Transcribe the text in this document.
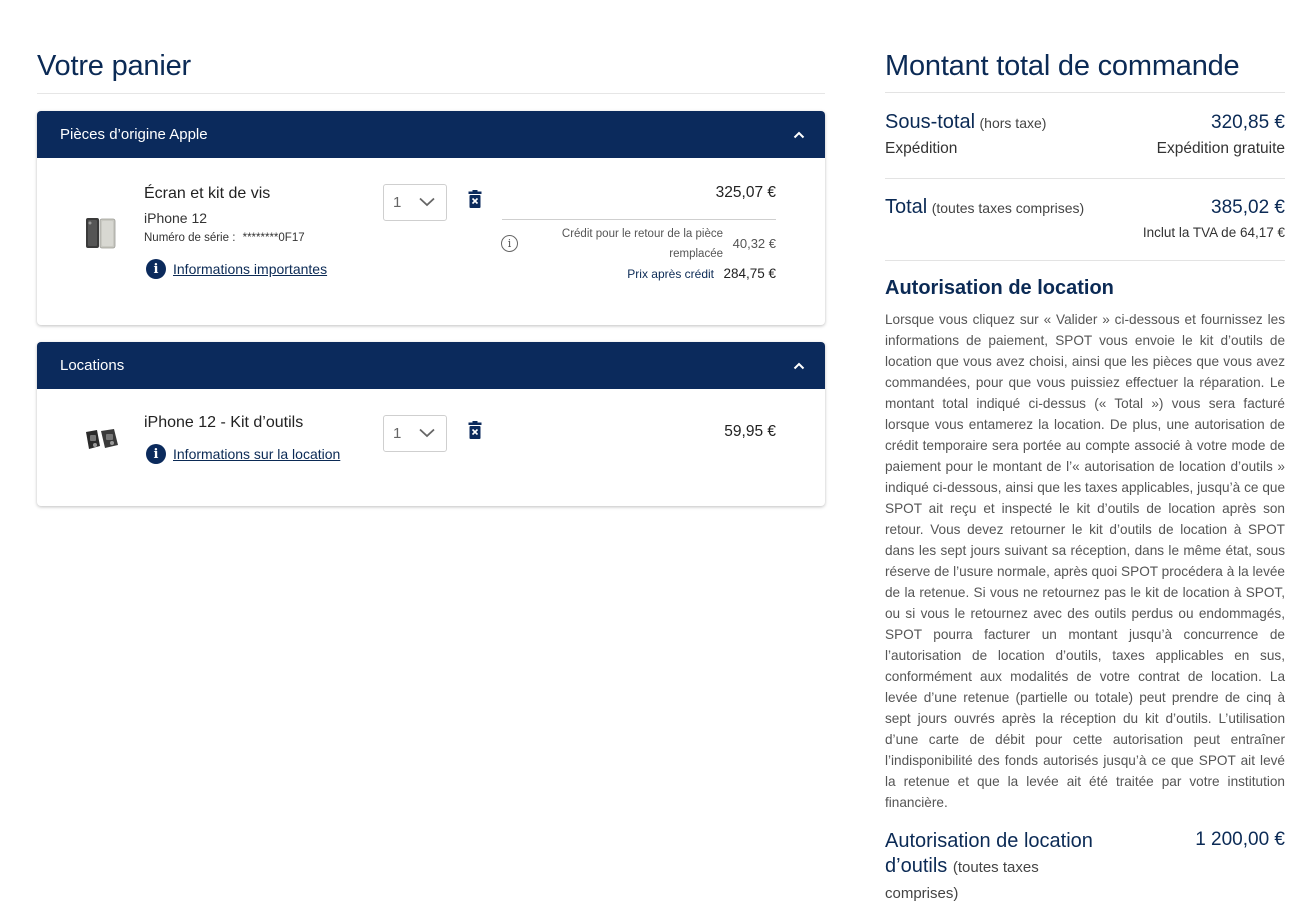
Votre panier
Pièces d’origine Apple
Écran et kit de vis
iPhone 12
Numéro de série : ********0F17
i	Informations importantes
1
325,07 €
i
Crédit pour le retour de la pièce remplacée
40,32 €
Prix après crédit 284,75 €
Locations
iPhone 12 - Kit d’outils
i	Informations sur la location
1	59,95 €
Montant total de commande
Sous-total (hors taxe)	320,85 €
Expédition	Expédition gratuite
Total (toutes taxes comprises)	385,02 €
Inclut la TVA de 64,17 €
Autorisation de location

Lorsque vous cliquez sur « Valider » ci-dessous et fournissez les informations de paiement, SPOT vous envoie le kit d’outils de location que vous avez choisi, ainsi que les pièces que vous avez commandées, pour que vous puissiez effectuer la réparation. Le montant total indiqué ci-dessus (« Total ») vous sera facturé lorsque vous entamerez la location. De plus, une autorisation de crédit temporaire sera portée au compte associé à votre mode de paiement pour le montant de l’« autorisation de location d’outils » indiqué ci-dessous, ainsi que les taxes applicables, jusqu’à ce que SPOT ait reçu et inspecté le kit d’outils de location après son retour. Vous devez retourner le kit d’outils de location à SPOT dans les sept jours suivant sa réception, dans le même état, sous réserve de l’usure normale, après quoi SPOT procédera à la levée de la retenue. Si vous ne retournez pas le kit de location à SPOT, ou si vous le retournez avec des outils perdus ou endommagés, SPOT pourra facturer un montant jusqu’à concurrence de l’autorisation de location d’outils, taxes applicables en sus, conformément aux modalités de votre contrat de location. La levée d’une retenue (partielle ou totale) peut prendre de cinq à sept jours ouvrés après la réception du kit d’outils. L’utilisation d’une carte de débit pour cette autorisation peut entraîner l’indisponibilité des fonds autorisés jusqu’à ce que SPOT ait levé la retenue et que la levée ait été traitée par votre institution financière.

Autorisation de location d’outils (toutes taxes comprises)
1 200,00 €
